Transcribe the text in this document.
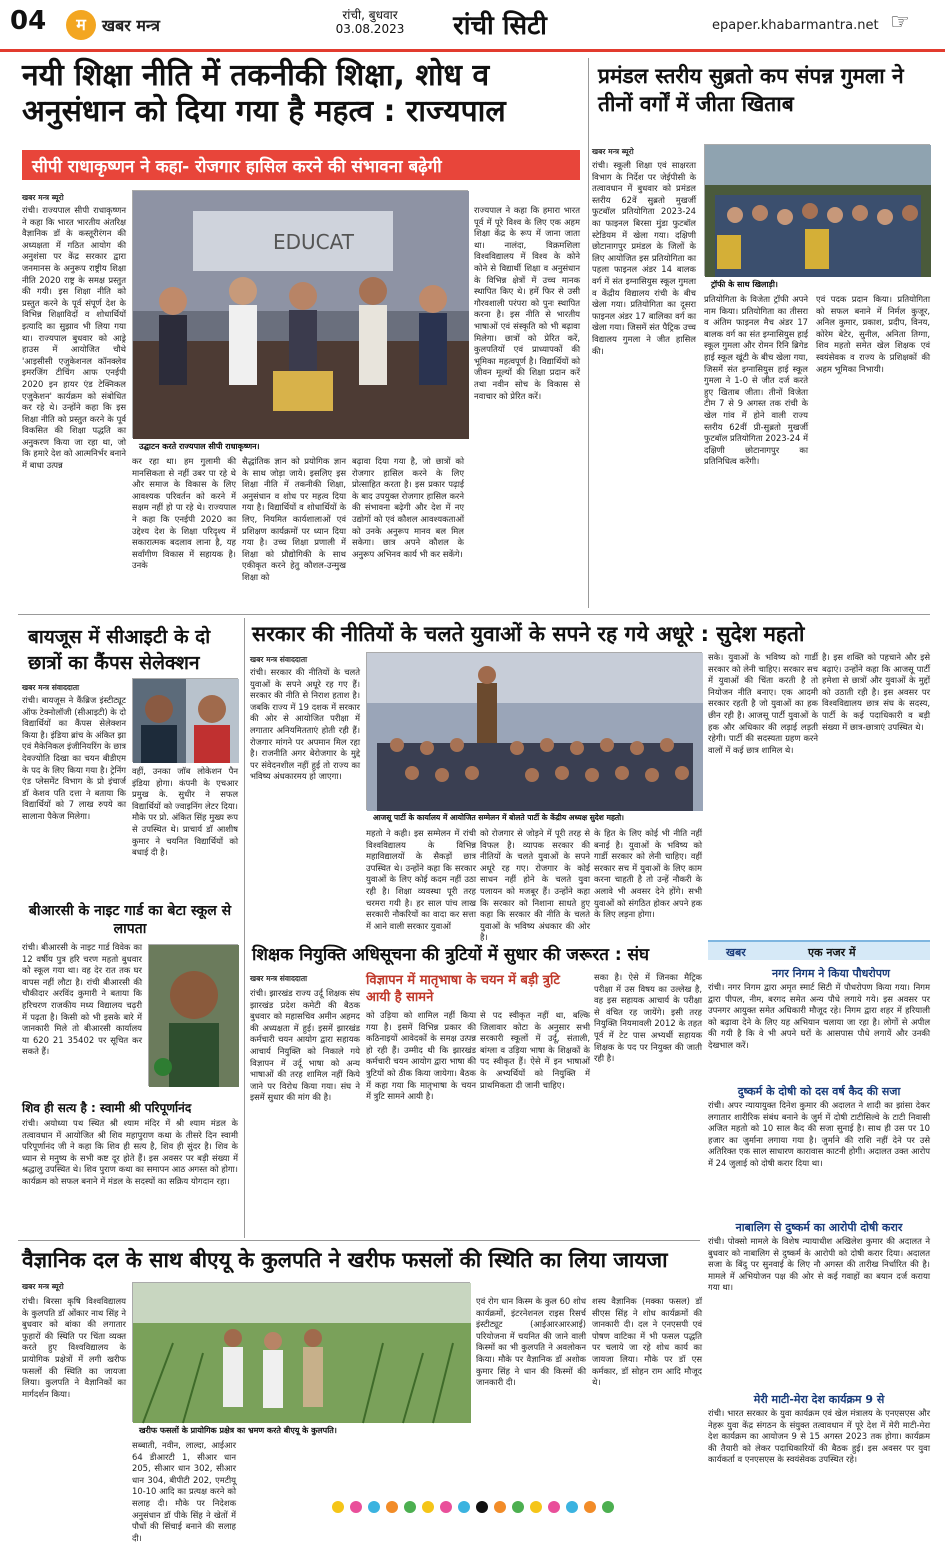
04	म	खबर मन्त्र
रांची, बुधवार
03.08.2023	रांची सिटी	epaper.khabarmantra.net ☞
नयी शिक्षा नीति में तकनीकी शिक्षा, शोध व अनुसंधान को दिया गया है महत्व : राज्यपाल
सीपी राधाकृष्णन ने कहा- रोजगार हासिल करने की संभावना बढ़ेगी
खबर मन्त्र ब्यूरो
रांची। राज्यपाल सीपी राधाकृष्णन ने कहा कि भारत भारतीय अंतरिक्ष वैज्ञानिक डॉ के कस्तूरीरंगन की अध्यक्षता में गठित आयोग की अनुशंसा पर केंद्र सरकार द्वारा जनमानस के अनुरूप राष्ट्रीय शिक्षा नीति 2020 राष्ट्र के समक्ष प्रस्तुत की गयी। इस शिक्षा नीति को प्रस्तुत करने के पूर्व संपूर्ण देश के विभिन्न शिक्षाविदों व शोधार्थियों इत्यादि का सुझाव भी लिया गया था। राज्यपाल बुधवार को आड्रे हाउस में आयोजित चौथे 'आइसीसी एजुकेशनल कॉनक्लेव इमरजिंग टीचिंग आफ एनईपी 2020 इन हायर एंड टेक्निकल एजुकेशन' कार्यक्रम को संबोधित कर रहे थे। उन्होंने कहा कि इस शिक्षा नीति को प्रस्तुत करने के पूर्व विकसित की शिक्षा पद्धति का अनुकरण किया जा रहा था, जो कि हमारे देश को आत्मनिर्भर बनाने में बाधा उत्पन्न
EDUCAT
उद्घाटन करते राज्यपाल सीपी राधाकृष्णन।
कर रहा था। हम गुलामी की मानसिकता से नहीं उबर पा रहे थे और समाज के विकास के लिए आवश्यक परिवर्तन को करने में सक्षम नहीं हो पा रहे थे। राज्यपाल ने कहा कि एनईपी 2020 का उद्देश्य देश के शिक्षा परिदृश्य में सकारात्मक बदलाव लाना है, यह सर्वांगीण विकास में सहायक है। उनके
सैद्धांतिक ज्ञान को प्रयोगिक ज्ञान के साथ जोड़ा जाये। इसलिए इस शिक्षा नीति में तकनीकी शिक्षा, अनुसंधान व शोध पर महत्व दिया गया है। विद्यार्थियों व शोधार्थियों के लिए, नियमित कार्यशालाओं एवं प्रशिक्षण कार्यक्रमों पर ध्यान दिया गया है। उच्च शिक्षा प्रणाली में शिक्षा को प्रौद्योगिकी के साथ एकीकृत करने हेतु कौशल-उन्मुख शिक्षा को
बढ़ावा दिया गया है, जो छात्रों को रोजगार हासिल करने के लिए प्रोत्साहित करता है। इस प्रकार पढ़ाई के बाद उपयुक्त रोजगार हासिल करने की संभावना बढ़ेगी और देश में नए उद्योगों को एवं कौशल आवश्यकताओं को उनके अनुरूप मानव बल मिल सकेगा। छात्र अपने कौशल के अनुरूप अभिनव कार्य भी कर सकेंगे।
राज्यपाल ने कहा कि हमारा भारत पूर्व में पूरे विश्व के लिए एक अहम शिक्षा केंद्र के रूप में जाना जाता था। नालंदा, विक्रमशिला विश्वविद्यालय में विश्व के कोने कोने से विद्यार्थी शिक्षा व अनुसंधान के विभिन्न क्षेत्रों में उच्च मानक स्थापित किए थे। हमें फिर से उसी गौरवशाली परंपरा को पुनः स्थापित करना है। इस नीति से भारतीय भाषाओं एवं संस्कृति को भी बढ़ावा मिलेगा। छात्रों को प्रेरित करें, कुलपतियों एवं प्राध्यापकों की भूमिका महत्वपूर्ण है। विद्यार्थियों को जीवन मूल्यों की शिक्षा प्रदान करें तथा नवीन सोच के विकास से नवाचार को प्रेरित करें।
प्रमंडल स्तरीय सुब्रतो कप संपन्न गुमला ने तीनों वर्गों में जीता खिताब
खबर मन्त्र ब्यूरो
रांची। स्कूली शिक्षा एवं साक्षरता विभाग के निर्देश पर जेईपीसी के तत्वावधान में बुधवार को प्रमंडल स्तरीय 62वें सुब्रतो मुखर्जी फुटबॉल प्रतियोगिता 2023-24 का फाइनल बिरसा मुंडा फुटबॉल स्टेडियम में खेला गया। दक्षिणी छोटानागपुर प्रमंडल के जिलों के लिए आयोजित इस प्रतियोगिता का पहला फाइनल अंडर 14 बालक वर्ग में संत इग्नासियुस स्कूल गुमला व केंद्रीय विद्यालय रांची के बीच खेला गया। प्रतियोगिता का दूसरा फाइनल अंडर 17 बालिका वर्ग का खेला गया। जिसमें संत पैट्रिक उच्च विद्यालय गुमला ने जीत हासिल की।
ट्रॉफी के साथ खिलाड़ी।
प्रतियोगिता के विजेता ट्रॉफी अपने नाम किया। प्रतियोगिता का तीसरा व अंतिम फाइनल मैच अंडर 17 बालक वर्ग का संत इग्नासियुस हाई स्कूल गुमला और रोमन रिनि ब्रिगेड हाई स्कूल खूंटी के बीच खेला गया, जिसमें संत इग्नासियुस हाई स्कूल गुमला ने 1-0 से जीत दर्ज करते हुए खिताब जीता। तीनों विजेता टीम 7 से 9 अगस्त तक रांची के खेल गांव में होने वाली राज्य स्तरीय 62वीं प्री-सुब्रतो मुखर्जी फुटबॉल प्रतियोगिता 2023-24 में दक्षिणी छोटानागपुर का प्रतिनिधित्व करेंगी।
एवं पदक प्रदान किया। प्रतियोगिता को सफल बनाने में निर्मल कुजूर, अनिल कुमार, प्रकाश, प्रदीप, विनय, कोरेम बेटेर, सुनील, अनिता तिग्गा, शिव महतो समेत खेल शिक्षक एवं स्वयंसेवक व राज्य के प्रशिक्षकों की अहम भूमिका निभायी।
बायजूस में सीआइटी के दो छात्रों का कैंपस सेलेक्शन
खबर मन्त्र संवाददाता
रांची। बायजूस ने कैंब्रिज इंस्टीट्यूट ऑफ टेक्नोलॉजी (सीआइटी) के दो विद्यार्थियों का कैंपस सेलेक्शन किया है। इंडिया ब्रांच के अंकित झा एवं मैकेनिकल इंजीनियरिंग के छात्र देवज्योति दिखा का चयन बीडीएम के पद के लिए किया गया है। ट्रेनिंग एंड प्लेसमेंट विभाग के प्रो इंचार्ज डॉ केशव पति दत्ता ने बताया कि विद्यार्थियों को 7 लाख रुपये का सालाना पैकेज मिलेगा।
वहीं, उनका जॉब लोकेशन पैन इंडिया होगा। कंपनी के एचआर प्रमुख के. सुधीर ने सफल विद्यार्थियों को ज्वाइनिंग लेटर दिया। मौके पर प्रो. अंकित सिंह मुख्य रूप से उपस्थित थे। प्राचार्य डॉ आशीष कुमार ने चयनित विद्यार्थियों को बधाई दी है।
बीआरसी के नाइट गार्ड का बेटा स्कूल से लापता
रांची। बीआरसी के नाइट गार्ड विवेक का 12 वर्षीय पुत्र हरि चरण महतो बुधवार को स्कूल गया था। वह देर रात तक घर वापस नहीं लौटा है। रांची बीआरसी की चौकीदार अरविंद कुमारी ने बताया कि हरिचरण राजकीय मध्य विद्यालय चढ़री में पढ़ता है। किसी को भी इसके बारे में जानकारी मिले तो बीआरसी कार्यालय या 620 21 35402 पर सूचित कर सकते हैं।
शिव ही सत्य है : स्वामी श्री परिपूर्णानंद
रांची। अयोध्या पथ स्थित श्री श्याम मंदिर में श्री श्याम मंडल के तत्वावधान में आयोजित श्री शिव महापुराण कथा के तीसरे दिन स्वामी परिपूर्णानंद जी ने कहा कि शिव ही सत्य है, शिव ही सुंदर है। शिव के ध्यान से मनुष्य के सभी कष्ट दूर होते हैं। इस अवसर पर बड़ी संख्या में श्रद्धालु उपस्थित थे। शिव पुराण कथा का समापन आठ अगस्त को होगा। कार्यक्रम को सफल बनाने में मंडल के सदस्यों का सक्रिय योगदान रहा।
सरकार की नीतियों के चलते युवाओं के सपने रह गये अधूरे : सुदेश महतो
खबर मन्त्र संवाददाता
रांची। सरकार की नीतियों के चलते युवाओं के सपने अधूरे रह गए हैं। सरकार की नीति से निराश हताश है। जबकि राज्य में 19 दशक में सरकार की ओर से आयोजित परीक्षा में लगातार अनियमितताएं होती रही हैं। रोजगार मांगने पर अपमान मिल रहा है। राजनीति अगर बेरोजगार के मुद्दे पर संवेदनशील नहीं हुई तो राज्य का भविष्य अंधकारमय हो जाएगा।
आजसू पार्टी के कार्यालय में आयोजित सम्मेलन में बोलते पार्टी के केंद्रीय अध्यक्ष सुदेश महतो।
महतो ने कही। इस सम्मेलन में रांची विश्वविद्यालय के विभिन्न महाविद्यालयों के सैकड़ों छात्र उपस्थित थे। उन्होंने कहा कि सरकार युवाओं के लिए कोई कदम नहीं उठा रही है। शिक्षा व्यवस्था पूरी तरह चरमरा गयी है। हर साल पांच लाख सरकारी नौकरियों का वादा कर सत्ता में आने वाली सरकार युवाओं
को रोजगार से जोड़ने में पूरी तरह से विफल है। व्यापक सरकार की नीतियों के चलते युवाओं के सपने अधूरे रह गए। रोजगार के कोई साधन नहीं होने के चलते युवा पलायन को मजबूर हैं। उन्होंने कहा कि सरकार को निशाना साधते हुए कहा कि सरकार की नीति के चलते युवाओं के भविष्य अंधकार की ओर है।
के हित के लिए कोई भी नीति नहीं बनाई है। युवाओं के भविष्य को गार्डी सरकार को लेनी चाहिए। वहीं सरकार सच में युवाओं के लिए काम करना चाहती है तो उन्हें नौकरी के अलावे भी अवसर देने होंगे। सभी युवाओं को संगठित होकर अपने हक के लिए लड़ना होगा।
सके। युवाओं के भविष्य को गार्डी सरकार को लेनी चाहिए। सरकार सच में युवाओं की चिंता करती है तो नियोजन नीति बनाए। एक आदमी सरकार रहती है जो युवाओं का हक छीन रही है। आजसू पार्टी युवाओं के हक और अधिकार की लड़ाई लड़ती रहेगी। पार्टी की सदस्यता ग्रहण करने वालों में कई छात्र शामिल थे।
है। इस शक्ति को पहचाने और इसे बढ़ाएं। उन्होंने कहा कि आजसू पार्टी हमेशा से छात्रों और युवाओं के मुद्दों को उठाती रही है। इस अवसर पर विश्वविद्यालय छात्र संघ के सदस्य, पार्टी के कई पदाधिकारी व बड़ी संख्या में छात्र-छात्राएं उपस्थित थे।
शिक्षक नियुक्ति अधिसूचना की त्रुटियों में सुधार की जरूरत : संघ
खबर मन्त्र संवाददाता
रांची। झारखंड राज्य उर्दू शिक्षक संघ झारखंड प्रदेश कमेटी की बैठक बुधवार को महासचिव अमीन अहमद की अध्यक्षता में हुई। इसमें झारखंड कर्मचारी चयन आयोग द्वारा सहायक आचार्य नियुक्ति को निकाले गये विज्ञापन में उर्दू भाषा को अन्य भाषाओं की तरह शामिल नहीं किये जाने पर विरोध किया गया। संघ ने इसमें सुधार की मांग की है।
विज्ञापन में मातृभाषा के चयन में बड़ी त्रुटि आयी है सामने
को उड़िया को शामिल नहीं किया गया है। इसमें विभिन्न प्रकार की कठिनाइयों आवेदकों के समक्ष उत्पन्न हो रही हैं। उम्मीद थी कि झारखंड कर्मचारी चयन आयोग द्वारा भाषा की त्रुटियों को ठीक किया जायेगा। बैठक में कहा गया कि मातृभाषा के चयन में त्रुटि सामने आयी है।
से पद स्वीकृत नहीं था, बल्कि जिलावार कोटा के अनुसार सभी सरकारी स्कूलों में उर्दू, संताली, बांग्ला व उड़िया भाषा के शिक्षकों के पद स्वीकृत हैं। ऐसे में इन भाषाओं के अभ्यर्थियों को नियुक्ति में प्राथमिकता दी जानी चाहिए।
सका है। ऐसे में जिनका मैट्रिक परीक्षा में उस विषय का उल्लेख है, वह इस सहायक आचार्य के परीक्षा से वंचित रह जायेंगे। इसी तरह नियुक्ति नियमावली 2012 के तहत पूर्व में टेट पास अभ्यर्थी सहायक शिक्षक के पद पर नियुक्त की जाती रही है।
खबर	एक नजर में
नगर निगम ने किया पौधरोपण
रांची। नगर निगम द्वारा अमृत स्मार्ट सिटी में पौधरोपण किया गया। निगम द्वारा पीपल, नीम, बरगद समेत अन्य पौधे लगाये गये। इस अवसर पर उपनगर आयुक्त समेत अधिकारी मौजूद रहे। निगम द्वारा शहर में हरियाली को बढ़ावा देने के लिए यह अभियान चलाया जा रहा है। लोगों से अपील की गयी है कि वे भी अपने घरों के आसपास पौधे लगायें और उनकी देखभाल करें।
दुष्कर्म के दोषी को दस वर्ष कैद की सजा
रांची। अपर न्यायायुक्त दिनेश कुमार की अदालत ने शादी का झांसा देकर लगातार शारीरिक संबंध बनाने के जुर्म में दोषी टाटीसिल्वे के टाटी निवासी अजित महतो को 10 साल कैद की सजा सुनाई है। साथ ही उस पर 10 हजार का जुर्माना लगाया गया है। जुर्माने की राशि नहीं देने पर उसे अतिरिक्त एक साल साधारण कारावास काटनी होगी। अदालत उक्त आरोप में 24 जुलाई को दोषी करार दिया था।
नाबालिग से दुष्कर्म का आरोपी दोषी करार
रांची। पोक्सो मामले के विशेष न्यायाधीश अखिलेश कुमार की अदालत ने बुधवार को नाबालिग से दुष्कर्म के आरोपी को दोषी करार दिया। अदालत सजा के बिंदु पर सुनवाई के लिए नौ अगस्त की तारीख निर्धारित की है। मामले में अभियोजन पक्ष की ओर से कई गवाहों का बयान दर्ज कराया गया था।
मेरी माटी-मेरा देश कार्यक्रम 9 से
रांची। भारत सरकार के युवा कार्यक्रम एवं खेल मंत्रालय के एनएसएस और नेहरू युवा केंद्र संगठन के संयुक्त तत्वावधान में पूरे देश में मेरी माटी-मेरा देश कार्यक्रम का आयोजन 9 से 15 अगस्त 2023 तक होगा। कार्यक्रम की तैयारी को लेकर पदाधिकारियों की बैठक हुई। इस अवसर पर युवा कार्यकर्ता व एनएसएस के स्वयंसेवक उपस्थित रहे।
वैज्ञानिक दल के साथ बीएयू के कुलपति ने खरीफ फसलों की स्थिति का लिया जायजा
खबर मन्त्र ब्यूरो
रांची। बिरसा कृषि विश्वविद्यालय के कुलपति डॉ ओंकार नाथ सिंह ने बुधवार को बांका की लगातार फुहारों की स्थिति पर चिंता व्यक्त करते हुए विश्वविद्यालय के प्रायोगिक प्रक्षेत्रों में लगी खरीफ फसलों की स्थिति का जायजा लिया। कुलपति ने वैज्ञानिकों का मार्गदर्शन किया।
खरीफ फसलों के प्रायोगिक प्रक्षेत्र का भ्रमण करते बीएयू के कुलपति।
सब्बाती, नवीन, लाल्दा, आईआर 64 डीआरटी 1, सीआर धान 205, सीआर धान 302, सीआर धान 304, बीपीटी 202, एमटीयू 10-10 आदि का प्रत्यक्ष करने को सलाह दी। मौके पर निदेशक अनुसंधान डॉ पीके सिंह ने खेतों में पौधों की सिंचाई बनाने की सलाह दी।
एवं रोग धान किस्म के कुल 60 शोध कार्यक्रमों, इंटरनेशनल राइस रिसर्च इंस्टीट्यूट (आईआरआरआई) परियोजना में चयनित की जाने वाली किस्मों का भी कुलपति ने अवलोकन किया। मौके पर वैज्ञानिक डॉ अशोक कुमार सिंह ने धान की किस्मों की जानकारी दी।
शस्य वैज्ञानिक (मक्का फसल) डॉ सीएस सिंह ने शोध कार्यक्रमों की जानकारी दी। दल ने एनएसपी एवं पोषण वाटिका में भी फसल पद्धति पर चलाये जा रहे शोध कार्य का जायजा लिया। मौके पर डॉ एस कर्मकार, डॉ सोहन राम आदि मौजूद थे।
